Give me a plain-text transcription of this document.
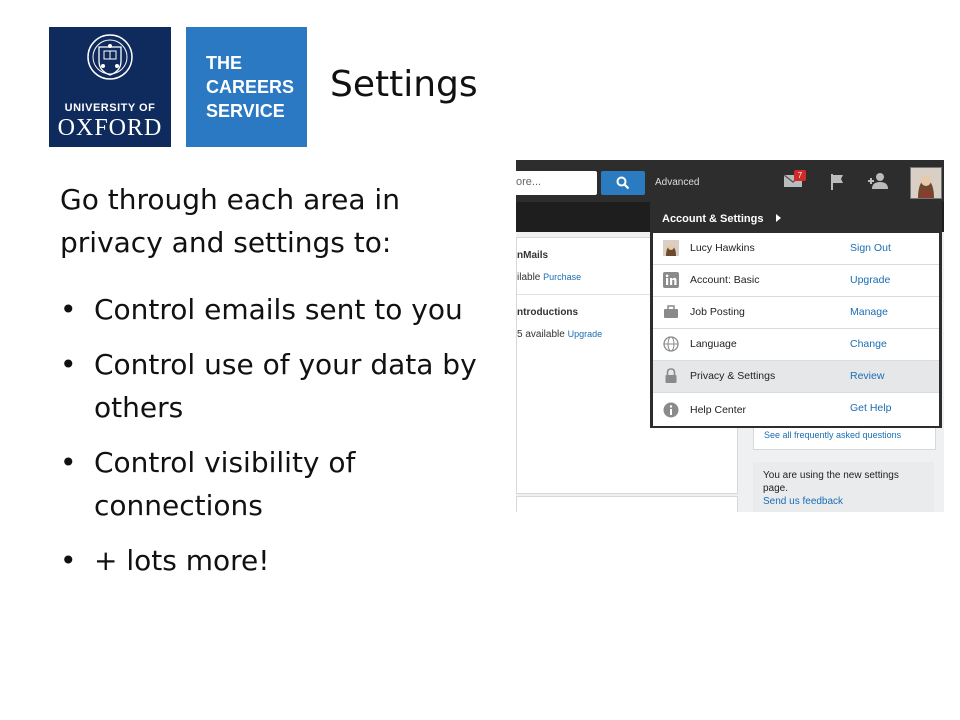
UNIVERSITY OF
OXFORD
THE
CAREERS
SERVICE
Settings
Go through each area in privacy and settings to:
• Control emails sent to you
• Control use of your data by others
• Control visibility of connections
• + lots more!
ore...	Advanced
7
nMails
ilable Purchase
ntroductions
5 available Upgrade
See all frequently asked questions
You are using the new settings
page.
Send us feedback
Account & Settings
Lucy Hawkins	Sign Out
Account: Basic	Upgrade
Job Posting	Manage
Language	Change
Privacy & Settings	Review
Help Center	Get Help
